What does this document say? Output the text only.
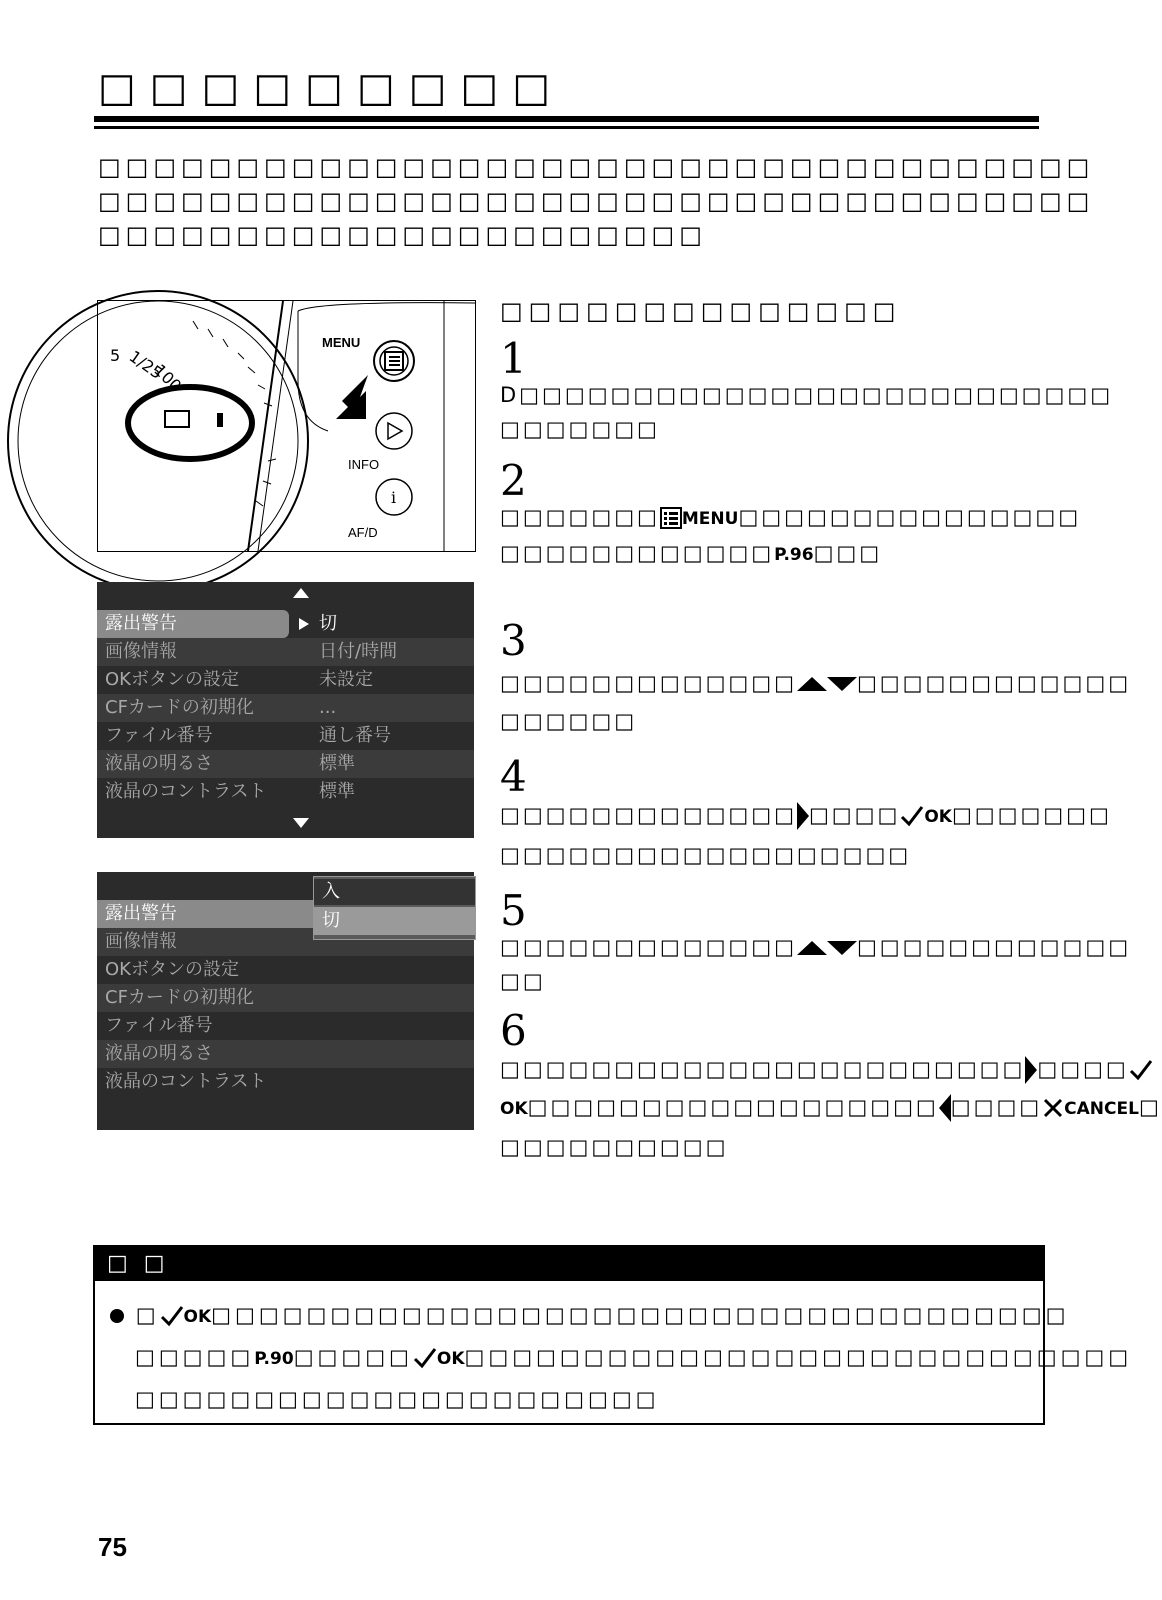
□□□□□□□□□
□□□□□□□□□□□□□□□□□□□□□□□□□□□□□□□□□□□□
□□□□□□□□□□□□□□□□□□□□□□□□□□□□□□□□□□□□
□□□□□□□□□□□□□□□□□□□□□□
5 1/25
100
i
MENU
INFO
AF/D
露出警告	切
画像情報	日付/時間
OKボタンの設定	未設定
CFカードの初期化	...
ファイル番号	通し番号
液晶の明るさ	標準
液晶のコントラスト	標準
露出警告
画像情報
OKボタンの設定
CFカードの初期化
ファイル番号
液晶の明るさ
液晶のコントラスト
入
切
□□□□□□□□□□□□□□
1
D□□□□□□□□□□□□□□□□□□□□□□□□□□
□□□□□□□
2
□□□□□□□ MENU□□□□□□□□□□□□□□□
□□□□□□□□□□□□P.96□□□
3
□□□□□□□□□□□□□	□□□□□□□□□□□□
□□□□□□
4
□□□□□□□□□□□□□ □□□□ OK□□□□□□□
□□□□□□□□□□□□□□□□□□
5
□□□□□□□□□□□□□	□□□□□□□□□□□□
□□
6
□□□□□□□□□□□□□□□□□□□□□□□ □□□□
OK□□□□□□□□□□□□□□□□□□ □□□□ CANCEL□
□□□□□□□□□□
□□
□ OK□□□□□□□□□□□□□□□□□□□□□□□□□□□□□□□□□□□□
□□□□□P.90□□□□□ OK□□□□□□□□□□□□□□□□□□□□□□□□□□□□
□□□□□□□□□□□□□□□□□□□□□□
75
